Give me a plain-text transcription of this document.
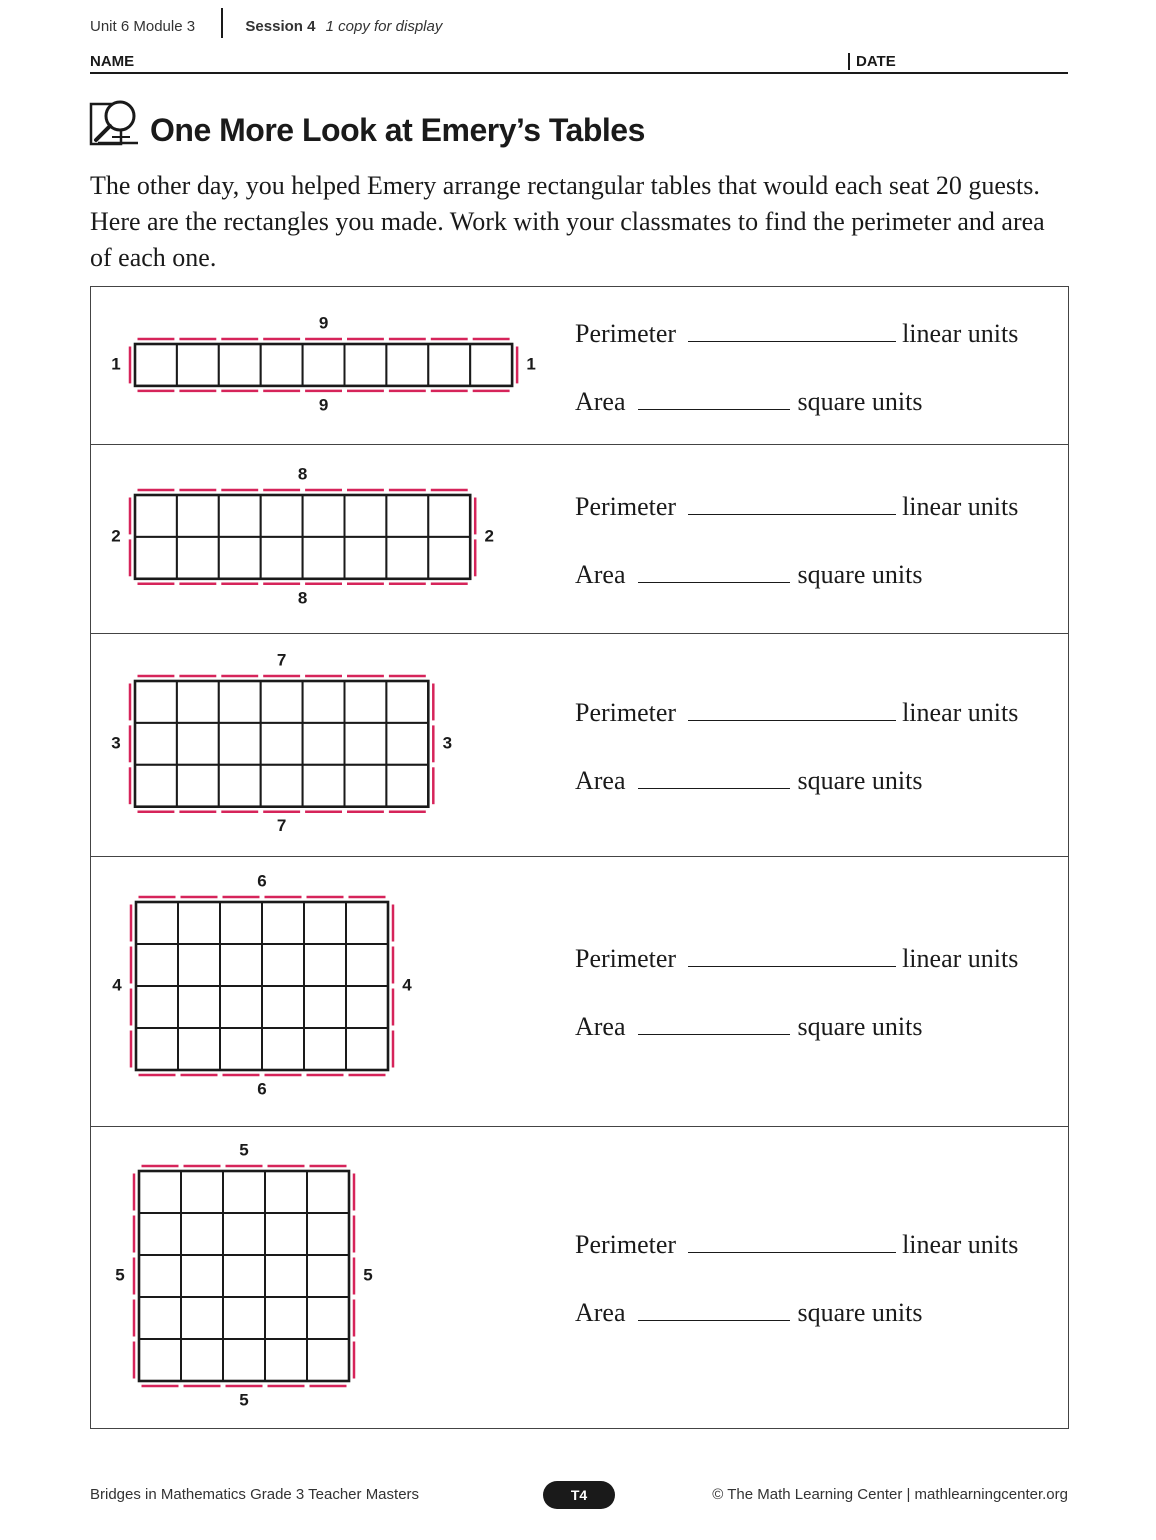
Unit 6 Module 3	Session 4 1 copy for display
NAME	DATE
One More Look at Emery’s Tables
The other day, you helped Emery arrange rectangular tables that would each seat 20 guests. Here are the rectangles you made. Work with your classmates to find the perimeter and area of each one.
9
9
1	1
Perimeter	linear units
Area	square units
8
8
2	2
Perimeter	linear units
Area	square units
7
7
3	3
Perimeter	linear units
Area	square units
6
6
4	4
Perimeter	linear units
Area	square units
5
5
5	5
Perimeter	linear units
Area	square units
Bridges in Mathematics Grade 3 Teacher Masters	T4	© The Math Learning Center | mathlearningcenter.org
